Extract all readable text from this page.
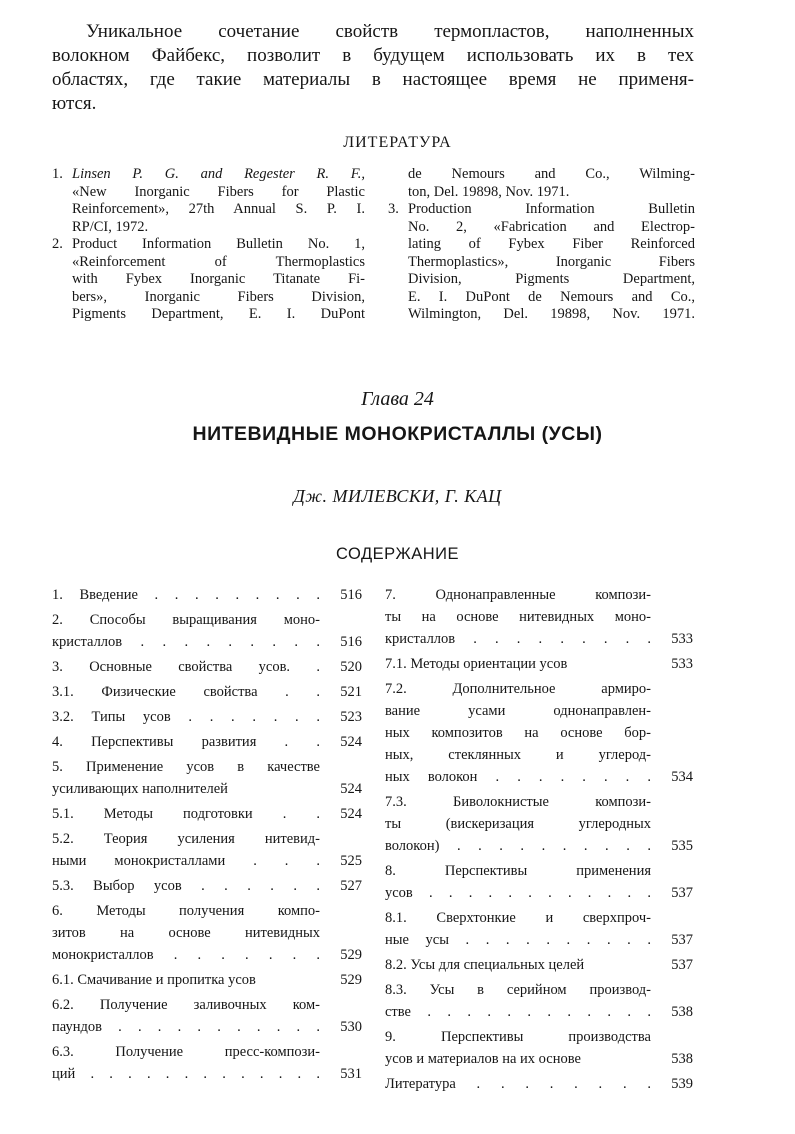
Уникальное сочетание свойств термопластов, наполненных
волокном Файбекс, позволит в будущем использовать их в тех
областях, где такие материалы в настоящее время не применя-
ются.
ЛИТЕРАТУРА
1. Linsen P. G. and Regester R. F.,
«New Inorganic Fibers for Plastic
Reinforcement», 27th Annual S. P. I.
RP/CI, 1972.
2. Product Information Bulletin No. 1,
«Reinforcement of Thermoplastics
with Fybex Inorganic Titanate Fi-
bers», Inorganic Fibers Division,
Pigments Department, E. I. DuPont
de Nemours and Co., Wilming-
ton, Del. 19898, Nov. 1971.
3. Production Information Bulletin
No. 2, «Fabrication and Electrop-
lating of Fybex Fiber Reinforced
Thermoplastics», Inorganic Fibers
Division, Pigments Department,
E. I. DuPont de Nemours and Co.,
Wilmington, Del. 19898, Nov. 1971.
Глава 24
НИТЕВИДНЫЕ МОНОКРИСТАЛЛЫ (УСЫ)
Дж. МИЛЕВСКИ, Г. КАЦ
СОДЕРЖАНИЕ
1. Введение . . . . . . . . .	516
2. Способы выращивания моно-
кристаллов . . . . . . . . .	516
3. Основные свойства усов. .	520
3.1. Физические свойства . .	521
3.2. Типы усов . . . . . . .	523
4. Перспективы развития . .	524
5. Применение усов в качестве
усиливающих наполнителей	524
5.1. Методы подготовки . .	524
5.2. Теория усиления нитевид-
ными монокристаллами . . .	525
5.3. Выбор усов . . . . . .	527
6. Методы получения компо-
зитов на основе нитевидных
монокристаллов . . . . . . .	529
6.1. Смачивание и пропитка усов	529
6.2. Получение заливочных ком-
паундов . . . . . . . . . . .	530
6.3. Получение пресс-компози-
ций . . . . . . . . . . . . .	531
7. Однонаправленные компози-
ты на основе нитевидных моно-
кристаллов . . . . . . . . .	533
7.1. Методы ориентации усов	533
7.2. Дополнительное армиро-
вание усами однонаправлен-
ных композитов на основе бор-
ных, стеклянных и углерод-
ных волокон . . . . . . . .	534
7.3. Биволокнистые компози-
ты (вискеризация углеродных
волокон) . . . . . . . . . .	535
8. Перспективы применения
усов . . . . . . . . . . . .	537
8.1. Сверхтонкие и сверхпроч-
ные усы . . . . . . . . . .	537
8.2. Усы для специальных целей	537
8.3. Усы в серийном производ-
стве . . . . . . . . . . . .	538
9. Перспективы производства
усов и материалов на их основе	538
Литература . . . . . . . .	539
